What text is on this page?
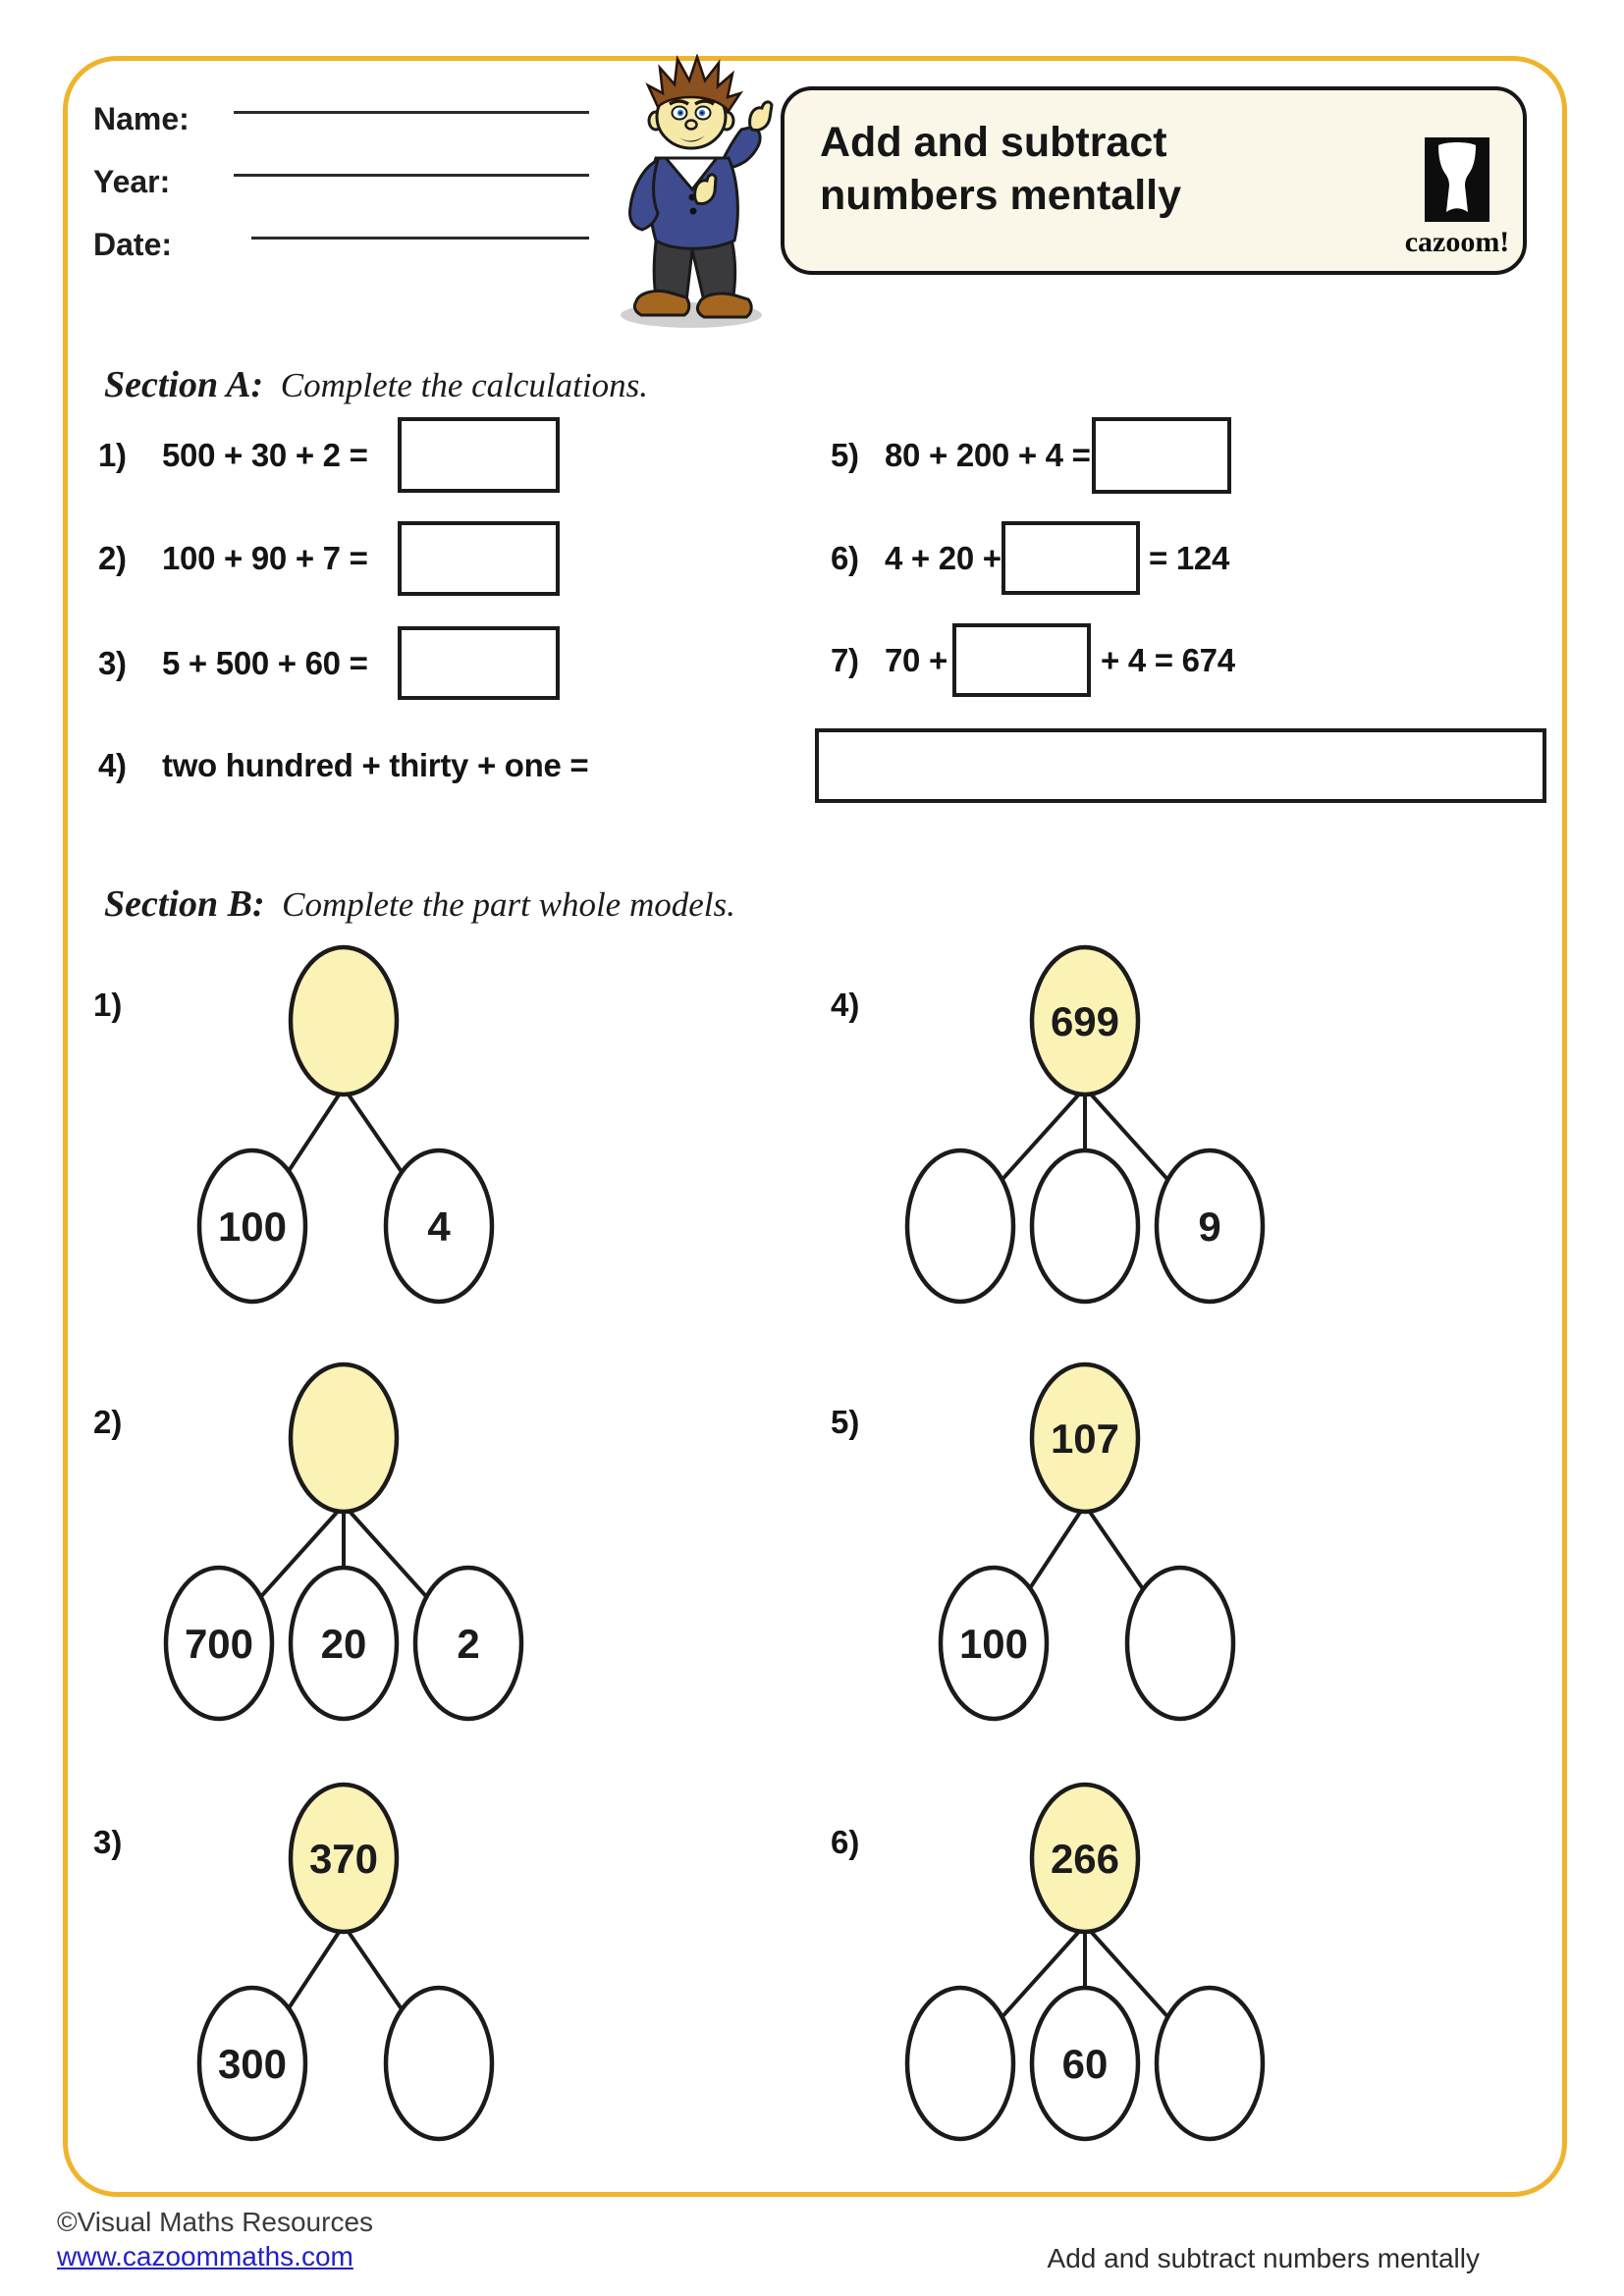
Name:
Year:
Date:
Add and subtract
numbers mentally
cazoom!

Section A: Complete the calculations.

1) 500 + 30 + 2 =
2) 100 + 90 + 7 =
3) 5 + 500 + 60 =
4) two hundred + thirty + one =
5) 80 + 200 + 4 =
6) 4 + 20 +	= 124
7) 70 +	+ 4 = 674

Section B: Complete the part whole models.

1)
100	4
4)	699
9
2)
700 20 2
5)	107
100
3)	370
300
6)	266
60
©Visual Maths Resources
www.cazoommaths.com	Add and subtract numbers mentally
